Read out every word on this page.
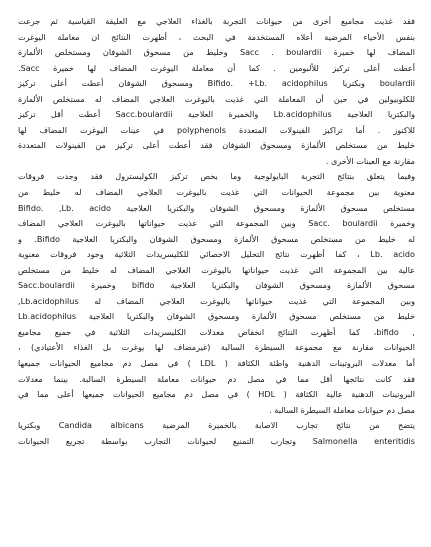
فقد غذيت مجاميع أخرى من حيوانات التجربة بالغذاء العلاجي مع العليقة القياسية ثم جرعت
بنفس الأحياء المرضية أعلاه المستخدمة في البحث ، أظهرت النتائج ان معاملة اليوغرت
المضاف لها خميرة Sacc . boulardii وخليط من مسحوق الشوفان ومستخلص الألمازة
أعطت أعلى تركيز للألبومين . كما أن معاملة اليوغرت المضاف لها خميرة Sacc.
boulardii وبكتريا Bifido. +Lb. acidophilus ومسحوق الشوفان أعطت أعلى تركيز
للكلوبيولين في حين أن المعاملة التي غذيت باليوغرت العلاجي المضاف له مستخلص الألمازة
والبكتريا العلاجية Lb.acidophilus والخميرة العلاجية Sacc.boulardii أعطت أقل تركيز
للاكتوز . أما تراكيز الفينولات المتعددة polyphenols في عينات اليوغرت المضاف لها
خليط من مستخلص الألمازة ومسحوق الشوفان فقد أعطت أعلى تركيز من الفينولات المتعددة
مقارنة مع العينات الأخرى .

وفيما يتعلق بنتائج التجربة البايولوجية وما يخص تركيز الكوليسترول فقد وجدت فروقات
معنوية بين مجموعة الحيوانات التي غذيت باليوغرت العلاجي المضاف له خليط من
مستخلص مسحوق الألمازة ومسحوق الشوفان والبكتريا العلاجية Bifido. ,Lb. acido
وخميرة Sacc. boulardii وبين المجموعة التي غذيت حيواناتها باليوغرت العلاجي المضاف
له خليط من مستخلص مسحوق الألمازة ومسحوق الشوفان والبكتريا العلاجية Bifido. و
Lb. acido ، كما أظهرت نتائج التحليل الاحصائي للكليسريدات الثلاثية وجود فروقات معنوية
عالية بين المجموعة التي غذيت حيواناتها باليوغرت العلاجي المضاف له خليط من مستخلص
مسحوق الألمازة ومسحوق الشوفان والبكتريا العلاجية bifido وخميرة Sacc.boulardii
وبين المجموعة التي غذيت حيواناتها باليوغرت العلاجي المضاف له Lb.acidophilus,
خليط من مستخلص مسحوق الألمازة ومسحوق الشوفان والبكتريا العلاجية Lb.acidophilus
, bifido، كما أظهرت النتائج انخفاض معدلات الكليسريدات الثلاثية في جميع مجاميع
الحيوانات مقارنة مع مجموعة السيطرة السالبة (غيرمضاف لها يوغرت بل الغذاء الأعتيادي) ،
أما معدلات البروتينات الدهنية واطئة الكثافة ( LDL ) في مصل دم مجاميع الحيوانات جميعها
فقد كانت نتائجها أقل مما في مصل دم حيوانات معاملة السيطرة السالبة. بينما معدلات
البروتينات الدهنية عالية الكثافة ( HDL ) في مصل دم مجاميع الحيوانات جميعها أعلى مما في
مصل دم حيوانات معاملة السيطرة السالبة .

يتضح من نتائج تجارب الاصابة بالخميرة المرضية Candida albicans وبكتريا
Salmonella enteritidis وتجارب التمنيع لحيوانات التجارب بواسطة تجريع الحيوانات
